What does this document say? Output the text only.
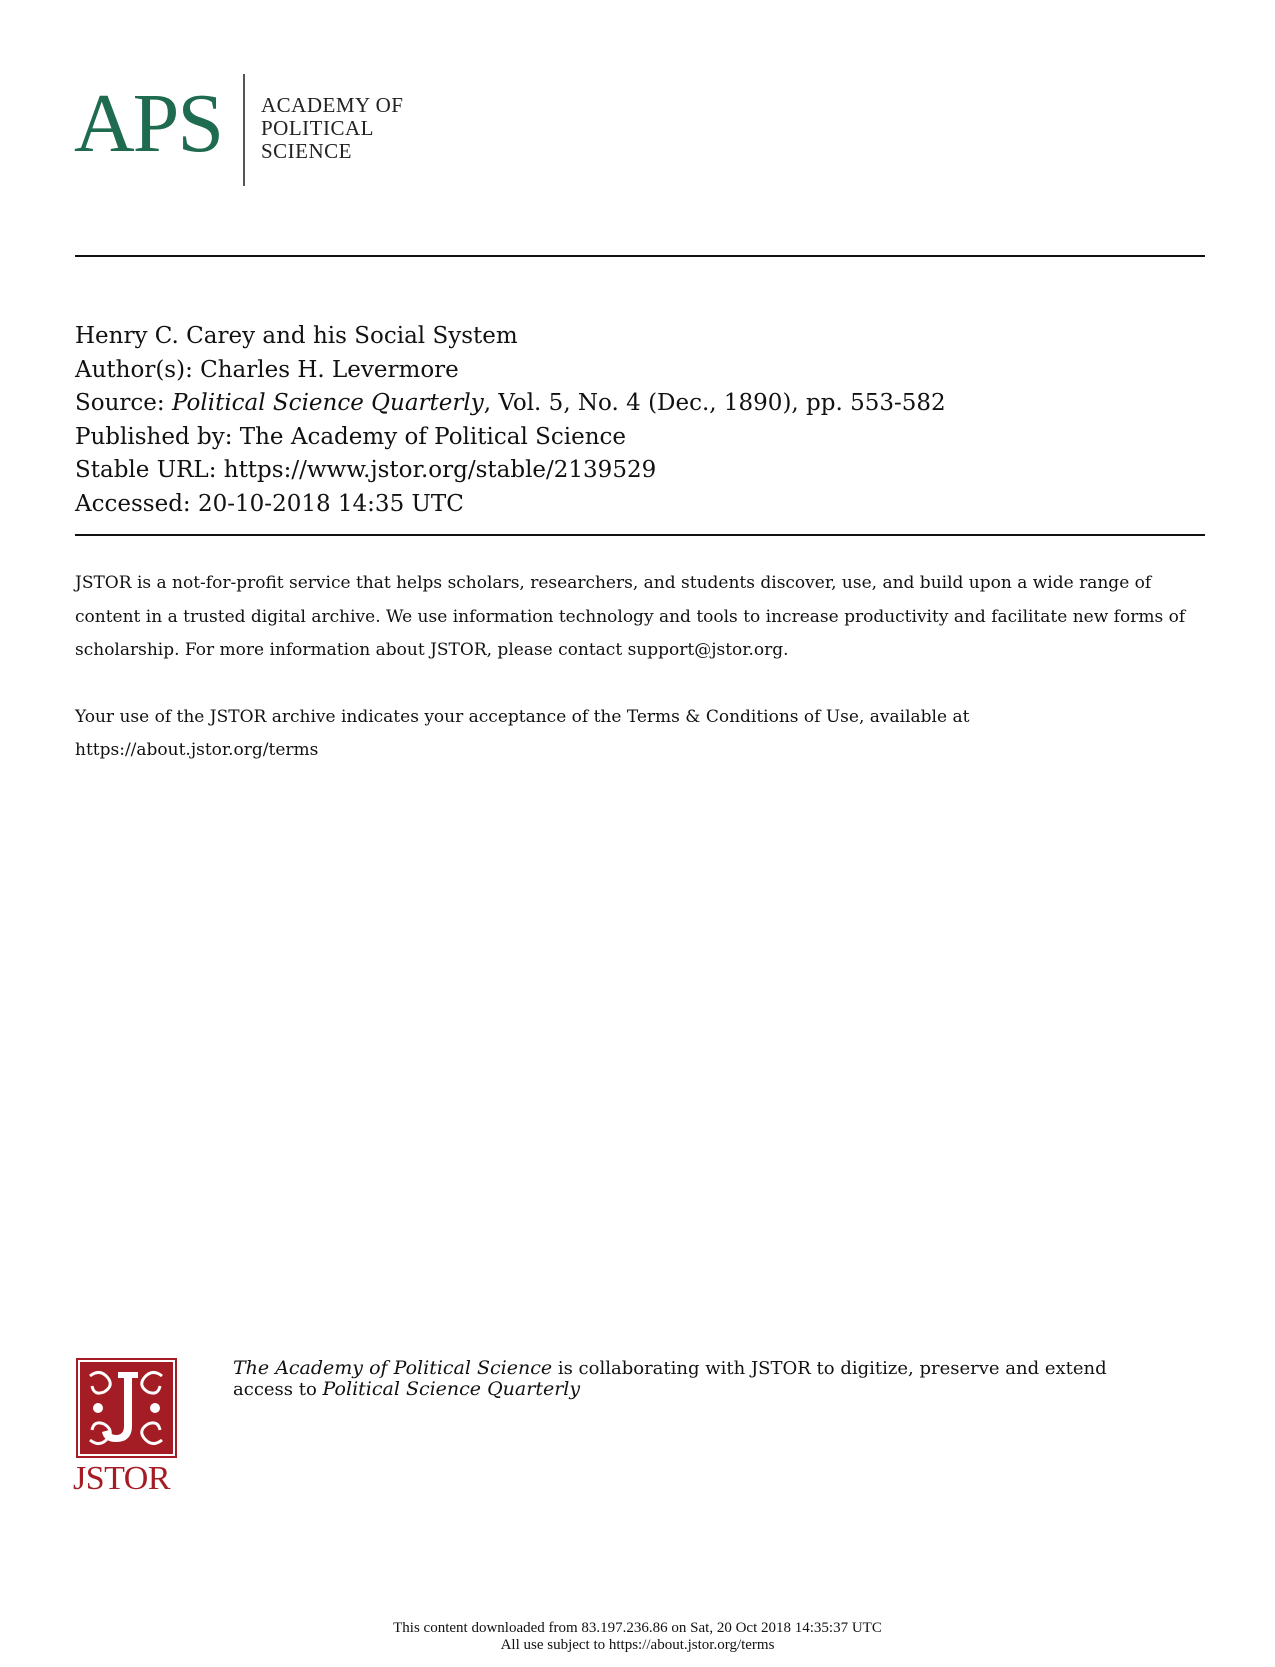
APS ACADEMY OF
POLITICAL
SCIENCE
Henry C. Carey and his Social System
Author(s): Charles H. Levermore
Source: Political Science Quarterly, Vol. 5, No. 4 (Dec., 1890), pp. 553-582
Published by: The Academy of Political Science
Stable URL: https://www.jstor.org/stable/2139529
Accessed: 20-10-2018 14:35 UTC

JSTOR is a not-for-profit service that helps scholars, researchers, and students discover, use, and build upon a wide range of content in a trusted digital archive. We use information technology and tools to increase productivity and facilitate new forms of scholarship. For more information about JSTOR, please contact support@jstor.org.

Your use of the JSTOR archive indicates your acceptance of the Terms & Conditions of Use, available at https://about.jstor.org/terms

JSTOR
The Academy of Political Science is collaborating with JSTOR to digitize, preserve and extend access to Political Science Quarterly
This content downloaded from 83.197.236.86 on Sat, 20 Oct 2018 14:35:37 UTC
All use subject to https://about.jstor.org/terms
